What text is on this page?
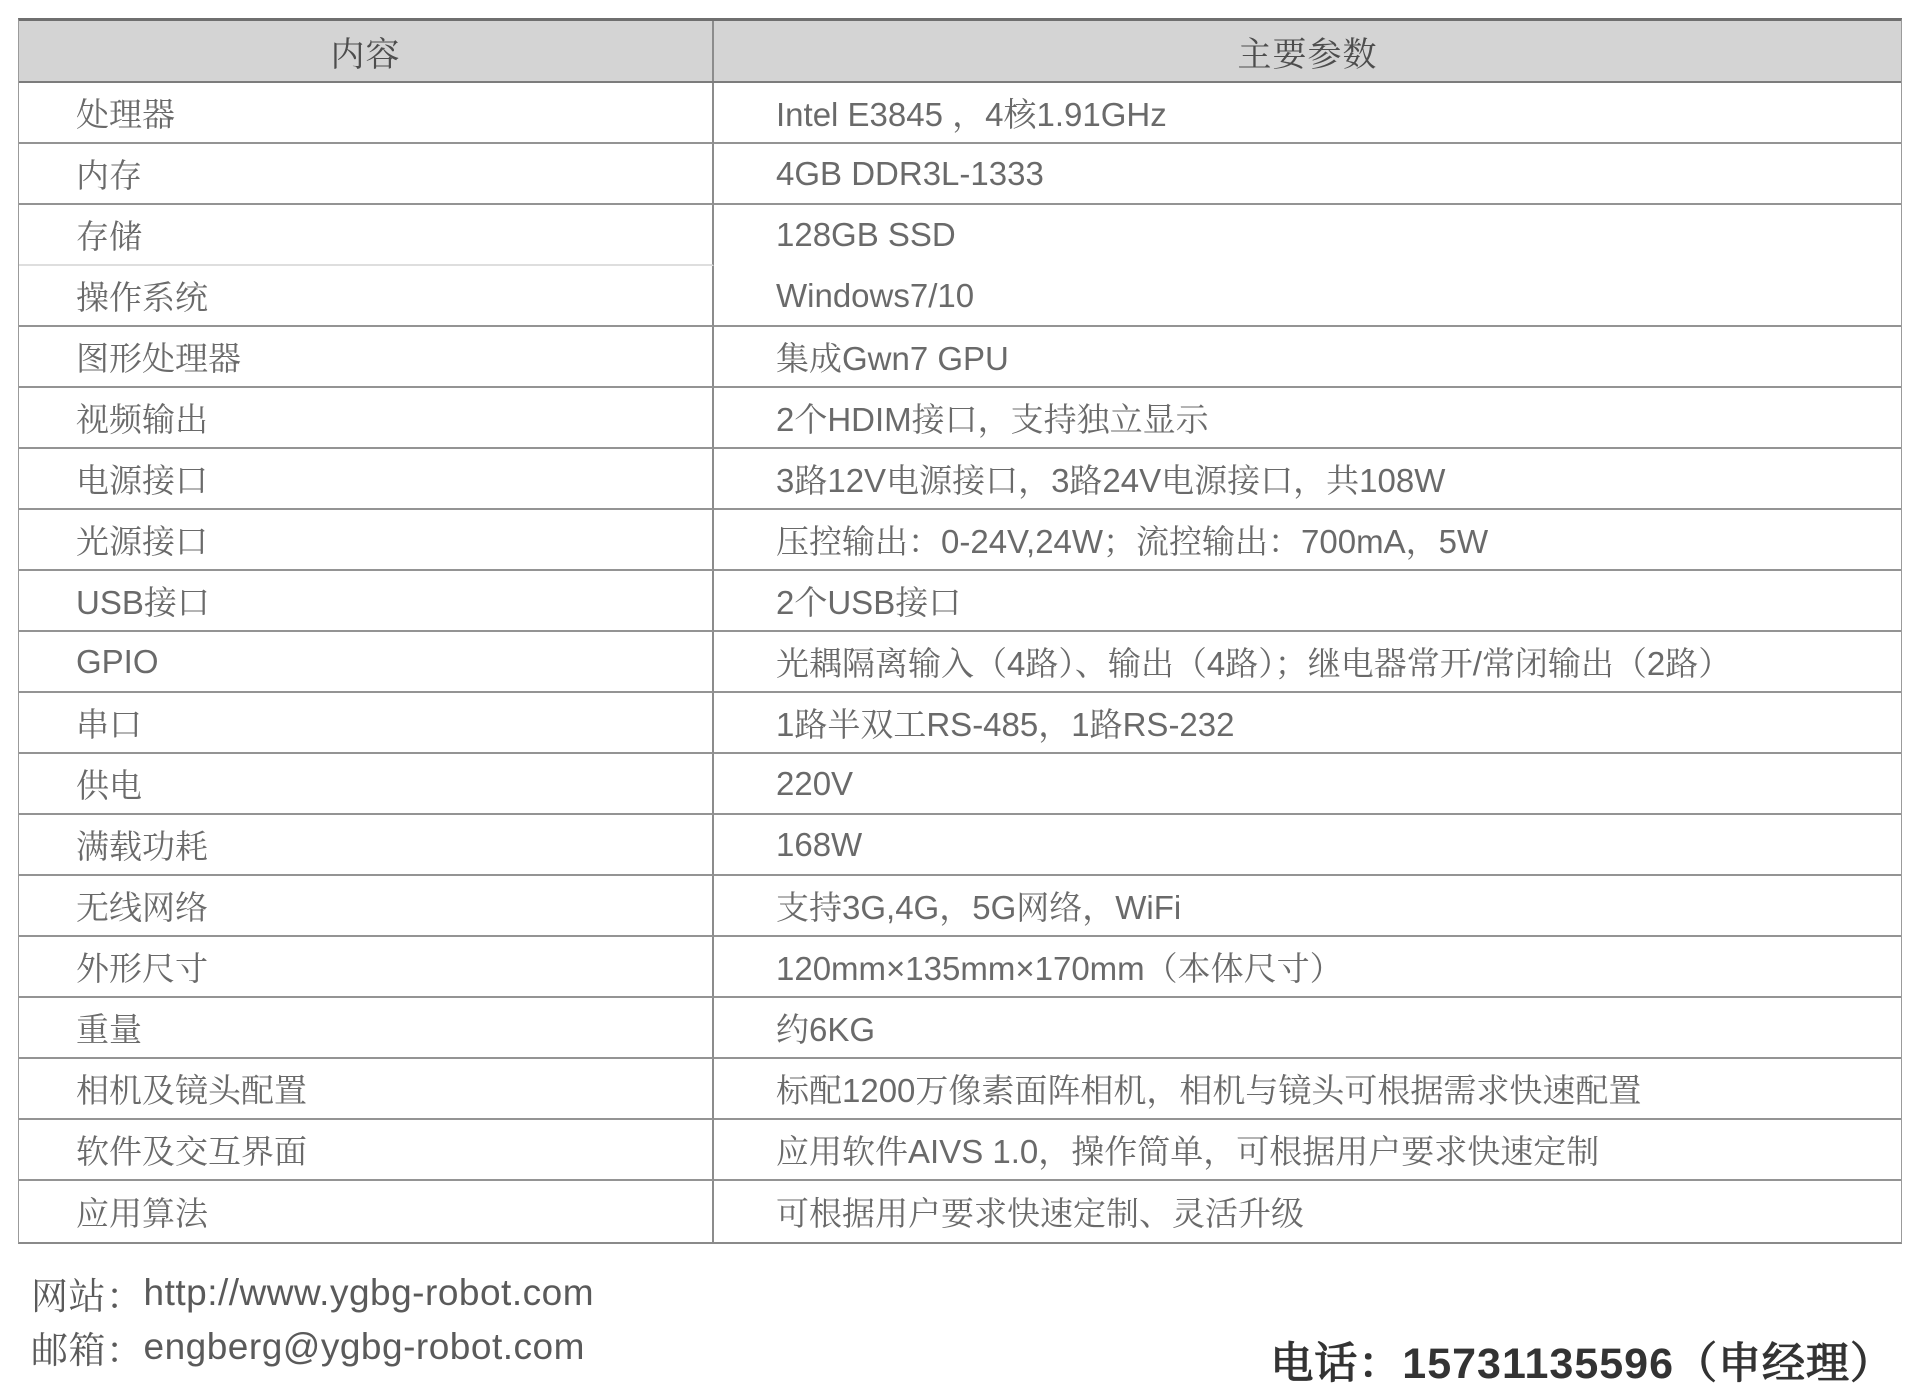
内容	主要参数
处理器	Intel E3845 ，4核1.91GHz
内存	4GB DDR3L-1333
存储	128GB SSD
操作系统	Windows7/10
图形处理器	集成Gwn7 GPU
视频输出	2个HDIM接口，支持独立显示
电源接口	3路12V电源接口，3路24V电源接口，共108W
光源接口	压控输出：0-24V,24W；流控输出：700mA，5W
USB接口	2个USB接口
GPIO	光耦隔离输入（4路）、输出（4路）；继电器常开/常闭输出（2路）
串口	1路半双工RS-485，1路RS-232
供电	220V
满载功耗	168W
无线网络	支持3G,4G，5G网络，WiFi
外形尺寸	120mm×135mm×170mm（本体尺寸）
重量	约6KG
相机及镜头配置	标配1200万像素面阵相机，相机与镜头可根据需求快速配置
软件及交互界面	应用软件AIVS 1.0，操作简单，可根据用户要求快速定制
应用算法	可根据用户要求快速定制、灵活升级
网站： http://www.ygbg-robot.com
邮箱： engberg@ygbg-robot.com	电话：15731135596（申经理）
